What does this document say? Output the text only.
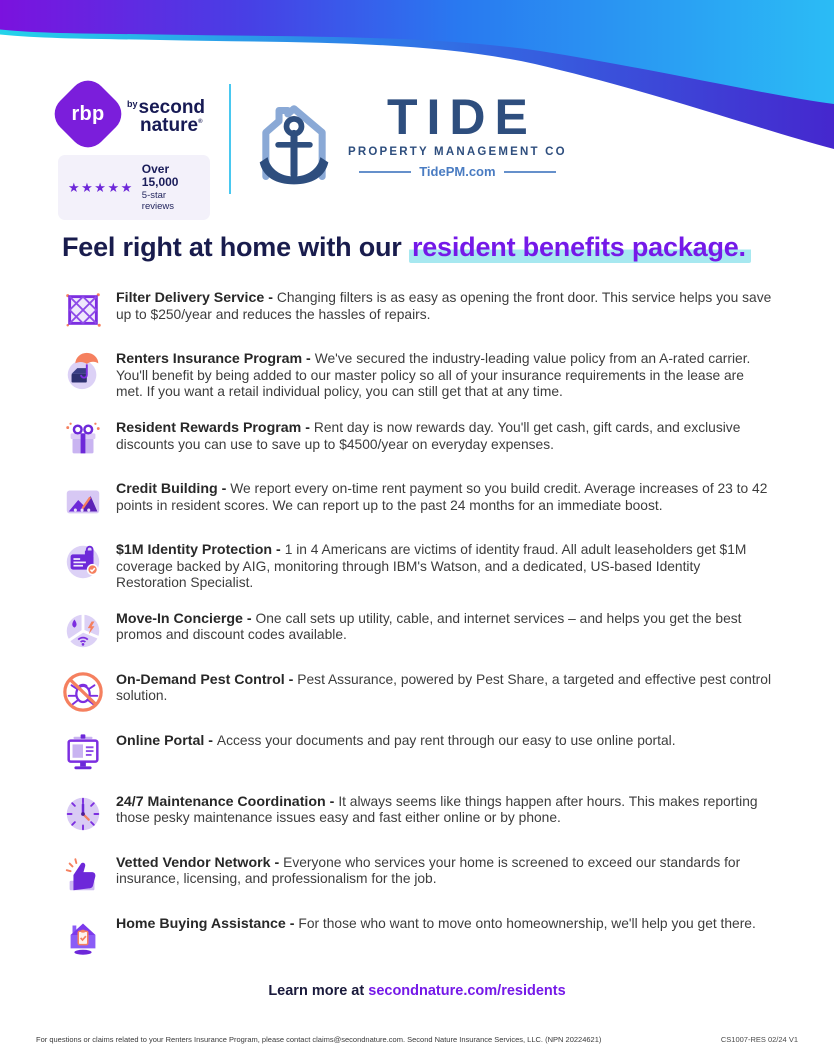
rbp	$^{by}$second
nature®
★★★★★
Over 15,000
5-star reviews
TIDE
PROPERTY MANAGEMENT CO
TidePM.com
Feel right at home with our resident benefits package.

Filter Delivery Service - Changing filters is as easy as opening the front door. This service helps you save up to $250/year and reduces the hassles of repairs.

Renters Insurance Program - We've secured the industry-leading value policy from an A-rated carrier. You'll benefit by being added to our master policy so all of your insurance requirements in the lease are met. If you want a retail individual policy, you can still get that at any time.

Resident Rewards Program - Rent day is now rewards day. You'll get cash, gift cards, and exclusive discounts you can use to save up to $4500/year on everyday expenses.

Credit Building - We report every on-time rent payment so you build credit. Average increases of 23 to 42 points in resident scores. We can report up to the past 24 months for an immediate boost.

$1M Identity Protection - 1 in 4 Americans are victims of identity fraud. All adult leaseholders get $1M coverage backed by AIG, monitoring through IBM's Watson, and a dedicated, US-based Identity Restoration Specialist.

Move-In Concierge - One call sets up utility, cable, and internet services – and helps you get the best promos and discount codes available.

On-Demand Pest Control - Pest Assurance, powered by Pest Share, a targeted and effective pest control solution.

Online Portal - Access your documents and pay rent through our easy to use online portal.

24/7 Maintenance Coordination - It always seems like things happen after hours. This makes reporting those pesky maintenance issues easy and fast either online or by phone.

Vetted Vendor Network - Everyone who services your home is screened to exceed our standards for insurance, licensing, and professionalism for the job.

Home Buying Assistance - For those who want to move onto homeownership, we'll help you get there.

Learn more at secondnature.com/residents
For questions or claims related to your Renters Insurance Program, please contact claims@secondnature.com. Second Nature Insurance Services, LLC. (NPN 20224621)	CS1007-RES 02/24 V1
